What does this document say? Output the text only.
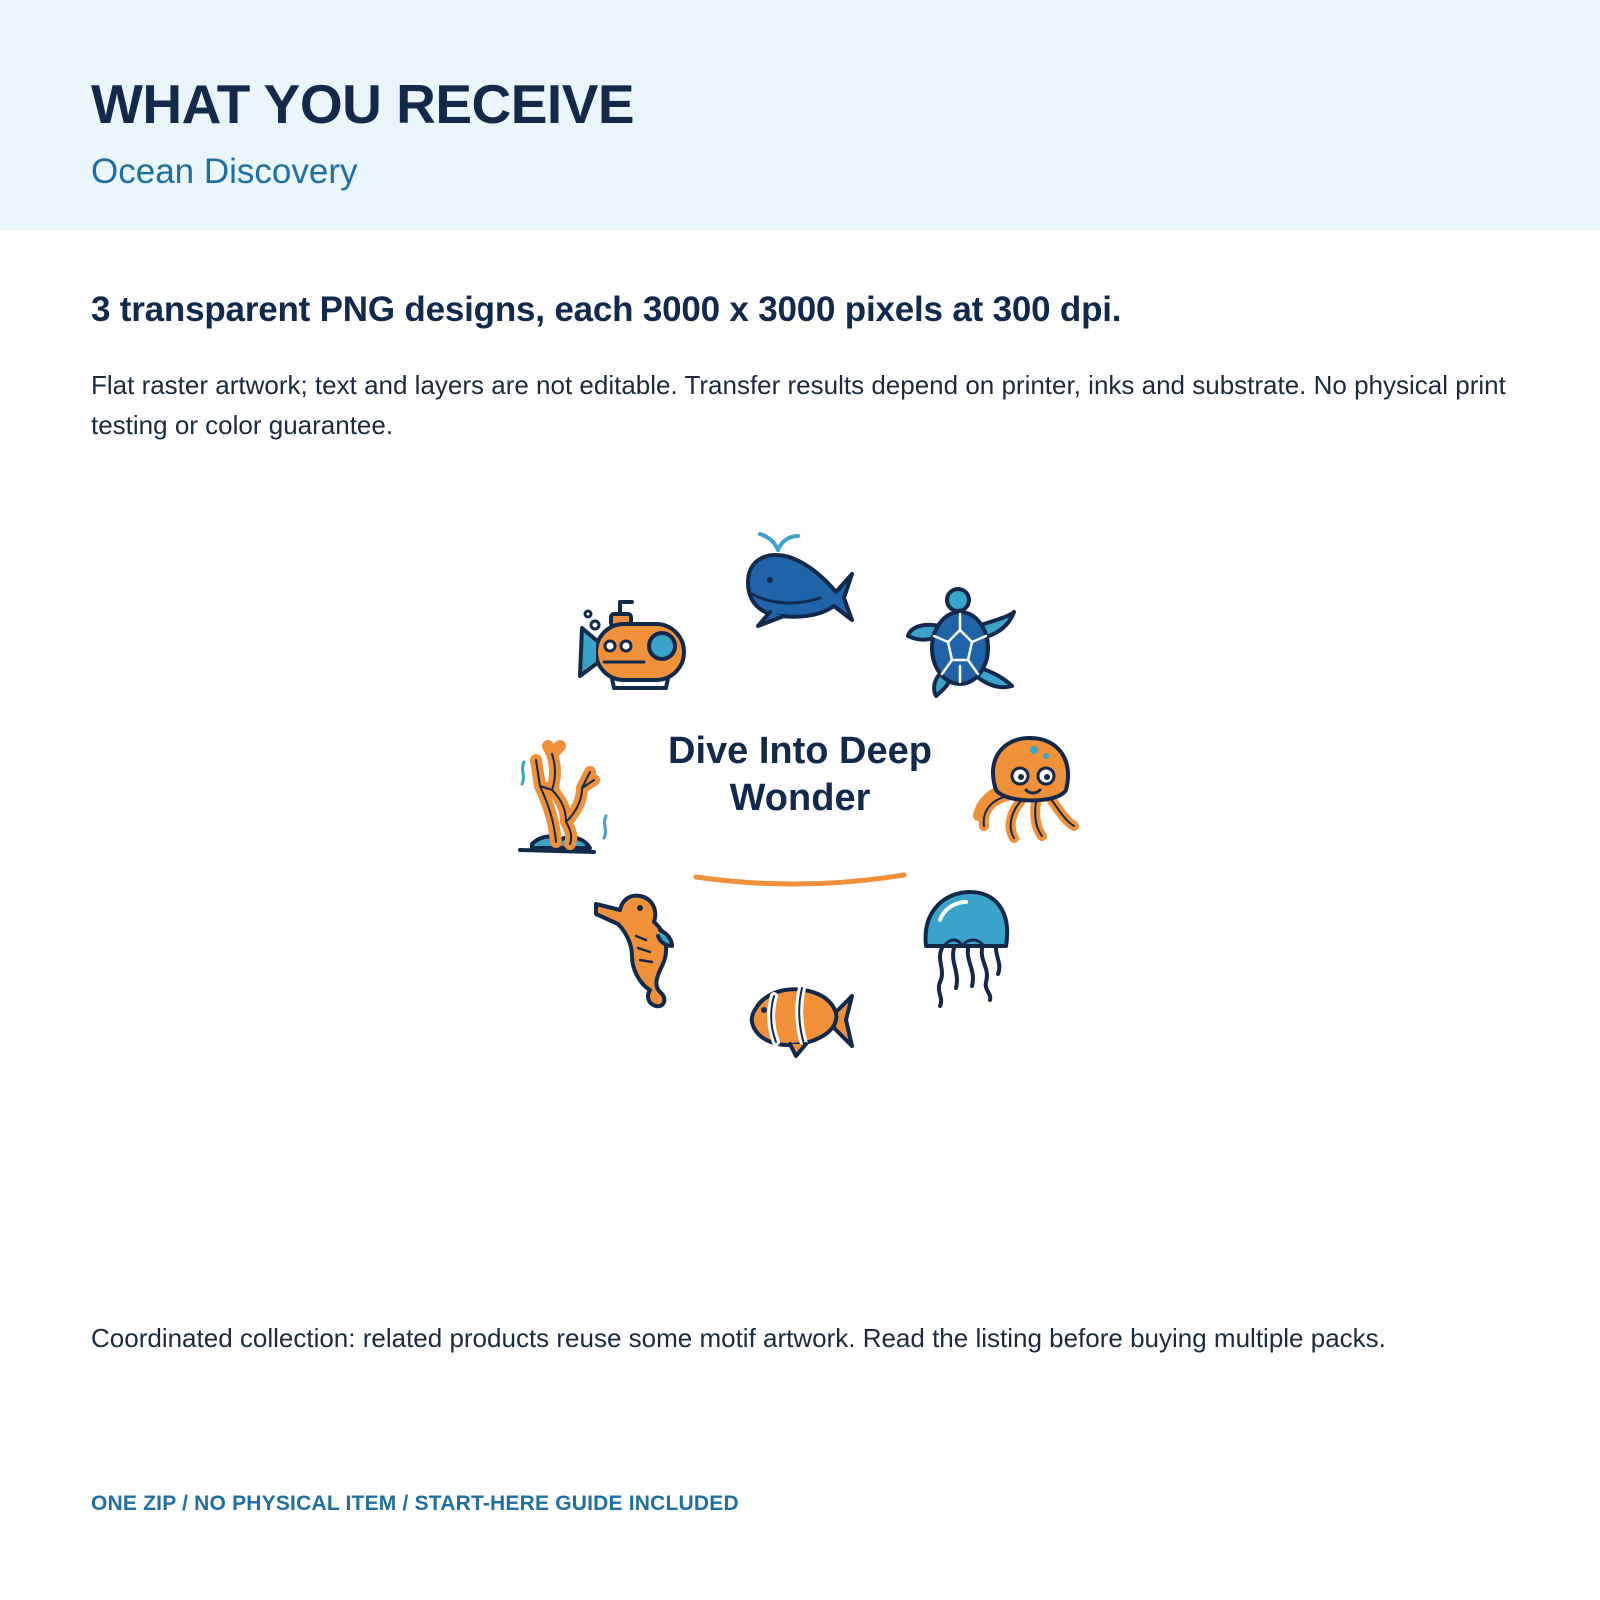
WHAT YOU RECEIVE
Ocean Discovery
3 transparent PNG designs, each 3000 x 3000 pixels at 300 dpi.

Flat raster artwork; text and layers are not editable. Transfer results depend on printer, inks and substrate. No physical print testing or color guarantee.

Dive Into Deep
Wonder

Coordinated collection: related products reuse some motif artwork. Read the listing before buying multiple packs.

ONE ZIP / NO PHYSICAL ITEM / START-HERE GUIDE INCLUDED
